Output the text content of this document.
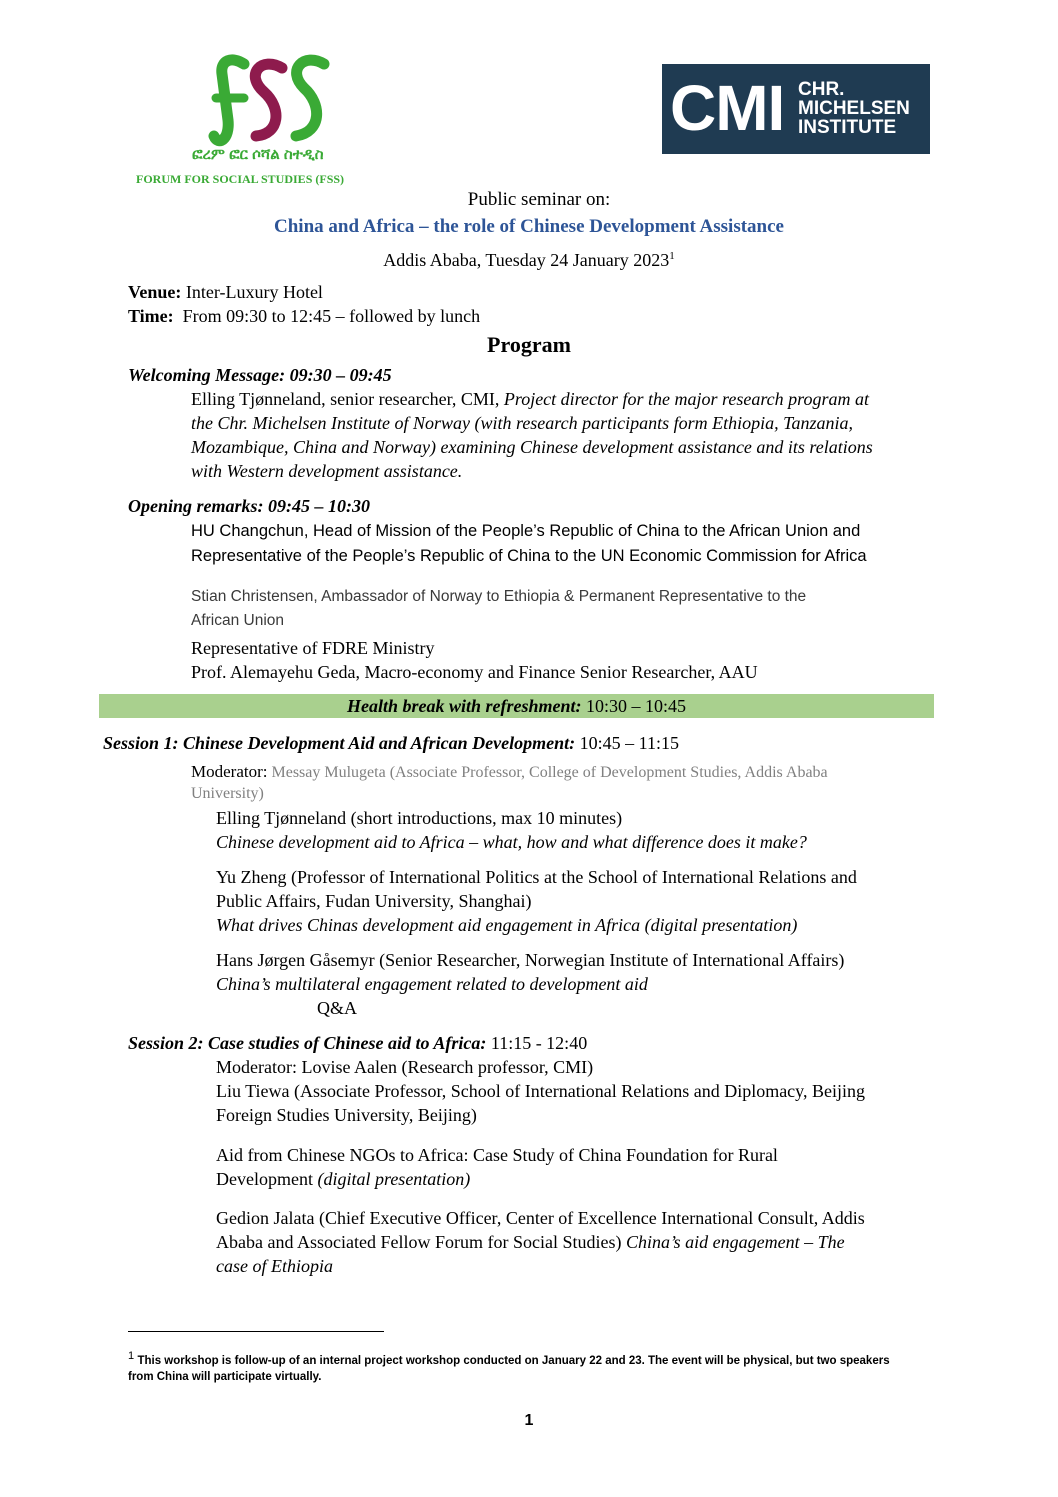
ፎረም ፎር ሶሻል ስተዲስ
FORUM FOR SOCIAL STUDIES (FSS)
CMI CHR.
MICHELSEN
INSTITUTE
Public seminar on:
China and Africa – the role of Chinese Development Assistance
Addis Ababa, Tuesday 24 January 2023$^1$
Venue: Inter-Luxury Hotel
Time: From 09:30 to 12:45 – followed by lunch
Program
Welcoming Message: 09:30 – 09:45
Elling Tjønneland, senior researcher, CMI, Project director for the major research program at
the Chr. Michelsen Institute of Norway (with research participants form Ethiopia, Tanzania,
Mozambique, China and Norway) examining Chinese development assistance and its relations
with Western development assistance.
Opening remarks: 09:45 – 10:30
HU Changchun, Head of Mission of the People’s Republic of China to the African Union and
Representative of the People’s Republic of China to the UN Economic Commission for Africa
Stian Christensen, Ambassador of Norway to Ethiopia & Permanent Representative to the
African Union
Representative of FDRE Ministry
Prof. Alemayehu Geda, Macro-economy and Finance Senior Researcher, AAU
Health break with refreshment: 10:30 – 10:45
Session 1: Chinese Development Aid and African Development: 10:45 – 11:15
Moderator: Messay Mulugeta (Associate Professor, College of Development Studies, Addis Ababa
University)
Elling Tjønneland (short introductions, max 10 minutes)
Chinese development aid to Africa – what, how and what difference does it make?
Yu Zheng (Professor of International Politics at the School of International Relations and
Public Affairs, Fudan University, Shanghai)
What drives Chinas development aid engagement in Africa (digital presentation)
Hans Jørgen Gåsemyr (Senior Researcher, Norwegian Institute of International Affairs)
China’s multilateral engagement related to development aid
Q&A
Session 2: Case studies of Chinese aid to Africa: 11:15 - 12:40
Moderator: Lovise Aalen (Research professor, CMI)
Liu Tiewa (Associate Professor, School of International Relations and Diplomacy, Beijing
Foreign Studies University, Beijing)
Aid from Chinese NGOs to Africa: Case Study of China Foundation for Rural
Development (digital presentation)
Gedion Jalata (Chief Executive Officer, Center of Excellence International Consult, Addis
Ababa and Associated Fellow Forum for Social Studies) China’s aid engagement – The
case of Ethiopia
$^1$ This workshop is follow-up of an internal project workshop conducted on January 22 and 23. The event will be physical, but two speakers
from China will participate virtually.
1
